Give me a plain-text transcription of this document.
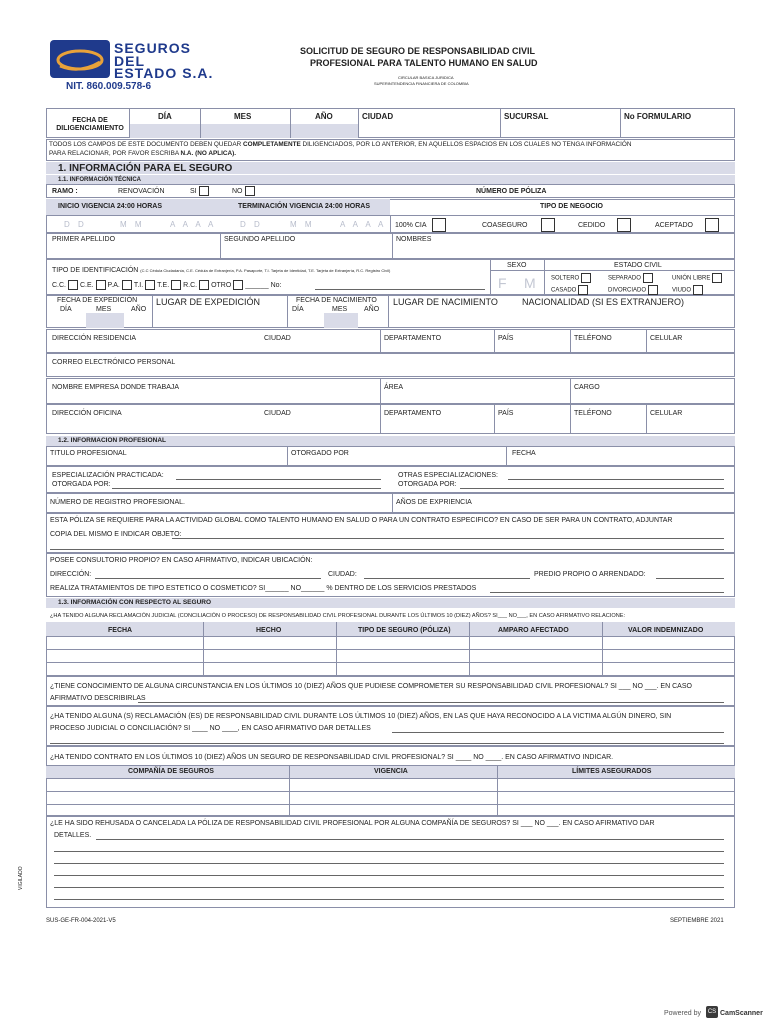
SEGUROS
DEL
ESTADO S.A.
NIT. 860.009.578-6
SOLICITUD DE SEGURO DE RESPONSABILIDAD CIVIL
PROFESIONAL PARA TALENTO HUMANO EN SALUD
CIRCULAR BASICA JURIDICA
SUPERINTENDENCIA FINANCIERA DE COLOMBIA
FECHA DE DILIGENCIAMIENTO
DÍA	MES	AÑO	CIUDAD	SUCURSAL	No FORMULARIO
TODOS LOS CAMPOS DE ESTE DOCUMENTO DEBEN QUEDAR COMPLETAMENTE DILIGENCIADOS, POR LO ANTERIOR, EN AQUELLOS ESPACIOS EN LOS CUALES NO TENGA INFORMACIÓN
PARA RELACIONAR, POR FAVOR ESCRIBA N.A. (NO APLICA).
1. INFORMACIÓN PARA EL SEGURO
1.1. INFORMACIÓN TÉCNICA
RAMO :	RENOVACIÓN	SI	NO	NÚMERO DE PÓLIZA
INICIO VIGENCIA 24:00 HORAS	TERMINACIÓN VIGENCIA 24:00 HORAS	TIPO DE NEGOCIO
D D	M M	A A A A	D D	M M	A A A A 100% CIA	COASEGURO	CEDIDO	ACEPTADO
PRIMER APELLIDO	SEGUNDO APELLIDO	NOMBRES
TIPO DE IDENTIFICACIÓN (C.C Cédula Ciudadanía, C.E. Cédula de Extranjería, P.A. Pasaporte, T.I. Tarjeta de Identidad, T.E. Tarjeta de Extranjería, R.C. Registro Civil)
C.C. C.E. P.A. T.I. T.E. R.C. OTRO ______ No:
SEXO
F M
ESTADO CIVIL
SOLTERO	SEPARADO	UNIÓN LIBRE
CASADO	DIVORCIADO	VIUDO
FECHA DE EXPEDICIÓN
DÍA	MES	AÑO
LUGAR DE EXPEDICIÓN	FECHA DE NACIMIENTO
DÍA	MES AÑO
LUGAR DE NACIMIENTO	NACIONALIDAD (SI ES EXTRANJERO)
DIRECCIÓN RESIDENCIA	CIUDAD	DEPARTAMENTO	PAÍS	TELÉFONO	CELULAR
CORREO ELECTRÓNICO PERSONAL
NOMBRE EMPRESA DONDE TRABAJA	ÁREA	CARGO
DIRECCIÓN OFICINA	CIUDAD	DEPARTAMENTO	PAÍS	TELÉFONO	CELULAR
1.2. INFORMACION PROFESIONAL
TITULO PROFESIONAL	OTORGADO POR	FECHA
ESPECIALIZACIÓN PRACTICADA:
OTORGADA POR:
OTRAS ESPECIALIZACIONES:
OTORGADA POR:
NÚMERO DE REGISTRO PROFESIONAL.	AÑOS DE EXPRIENCIA
ESTA PÓLIZA SE REQUIERE PARA LA ACTIVIDAD GLOBAL COMO TALENTO HUMANO EN SALUD O PARA UN CONTRATO ESPECIFICO? EN CASO DE SER PARA UN CONTRATO, ADJUNTAR
COPIA DEL MISMO E INDICAR OBJETO:
POSEE CONSULTORIO PROPIO? EN CASO AFIRMATIVO, INDICAR UBICACIÓN:
DIRECCIÓN:	CIUDAD:	PREDIO PROPIO O ARRENDADO:
REALIZA TRATAMIENTOS DE TIPO ESTETICO O COSMETICO? SI______ NO______ % DENTRO DE LOS SERVICIOS PRESTADOS
1.3. INFORMACIÓN CON RESPECTO AL SEGURO
¿HA TENIDO ALGUNA RECLAMACIÓN JUDICIAL (CONCILIACIÓN O PROCESO) DE RESPONSABILIDAD CIVIL PROFESIONAL DURANTE LOS ÚLTIMOS 10 (DIEZ) AÑOS? SI___ NO___, EN CASO AFIRMATIVO RELACIONE:
FECHA	HECHO	TIPO DE SEGURO (PÓLIZA)	AMPARO AFECTADO	VALOR INDEMNIZADO
¿TIENE CONOCIMIENTO DE ALGUNA CIRCUNSTANCIA EN LOS ÚLTIMOS 10 (DIEZ) AÑOS QUE PUDIESE COMPROMETER SU RESPONSABILIDAD CIVIL PROFESIONAL? SI ___ NO ___. EN CASO
AFIRMATIVO DESCRIBIRLAS
¿HA TENIDO ALGUNA (S) RECLAMACIÓN (ES) DE RESPONSABILIDAD CIVIL DURANTE LOS ÚLTIMOS 10 (DIEZ) AÑOS, EN LAS QUE HAYA RECONOCIDO A LA VICTIMA ALGÚN DINERO, SIN
PROCESO JUDICIAL O CONCILIACIÓN? SI ____ NO ____, EN CASO AFIRMATIVO DAR DETALLES
¿HA TENIDO CONTRATO EN LOS ÚLTIMOS 10 (DIEZ) AÑOS UN SEGURO DE RESPONSABILIDAD CIVIL PROFESIONAL? SI ____ NO ____. EN CASO AFIRMATIVO INDICAR.
COMPAÑÍA DE SEGUROS	VIGENCIA	LÍMITES ASEGURADOS
¿LE HA SIDO REHUSADA O CANCELADA LA PÓLIZA DE RESPONSABILIDAD CIVIL PROFESIONAL POR ALGUNA COMPAÑÍA DE SEGUROS? SI ___ NO ___. EN CASO AFIRMATIVO DAR
DETALLES.
VIGILADO
SUS-GE-FR-004-2021-V5	SEPTIEMBRE 2021
Powered by	CS CamScanner
